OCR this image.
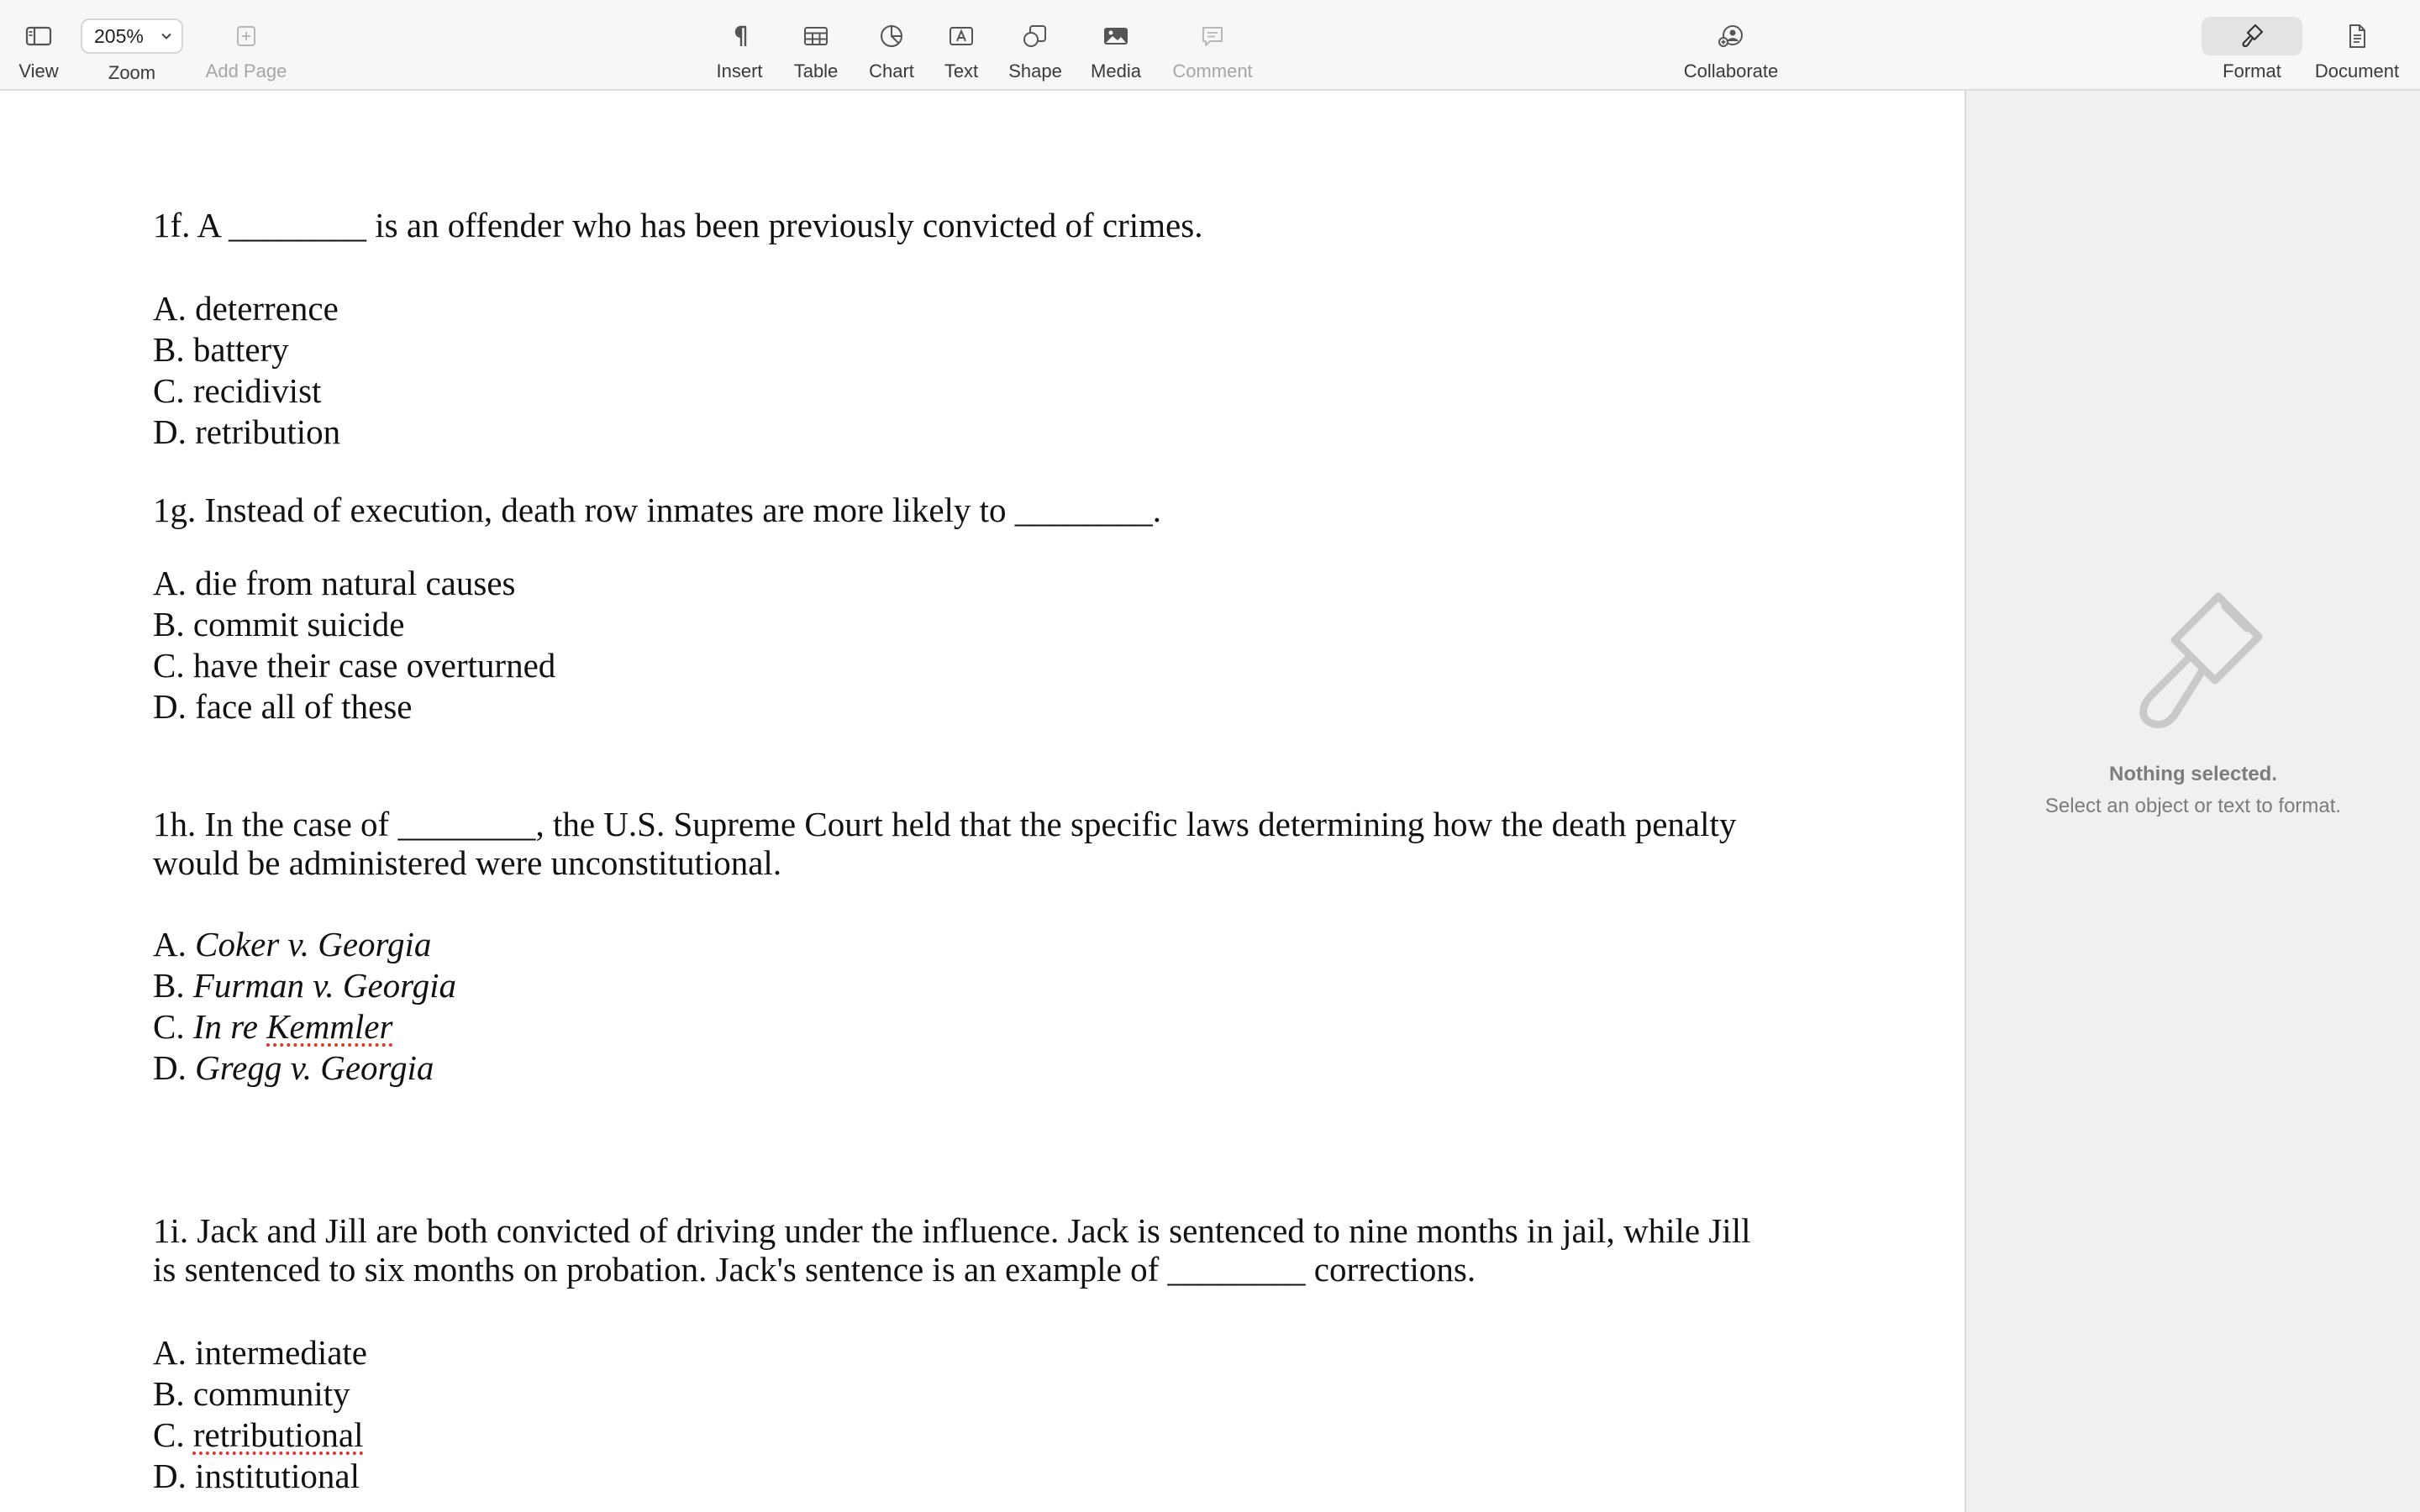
View
205%
Zoom	Add Page	Insert Table Chart Text Shape Media Comment	Collaborate	Format Document

1f. A ________ is an offender who has been previously convicted of crimes.

A. deterrence
B. battery
C. recidivist
D. retribution

1g. Instead of execution, death row inmates are more likely to ________.

A. die from natural causes
B. commit suicide
C. have their case overturned
D. face all of these

1h. In the case of ________, the U.S. Supreme Court held that the specific laws determining how the death penalty would be administered were unconstitutional.

A. Coker v. Georgia
B. Furman v. Georgia
C. In re Kemmler
D. Gregg v. Georgia

1i. Jack and Jill are both convicted of driving under the influence. Jack is sentenced to nine months in jail, while Jill is sentenced to six months on probation. Jack's sentence is an example of ________ corrections.

A. intermediate
B. community
C. retributional
D. institutional
Nothing selected.
Select an object or text to format.
